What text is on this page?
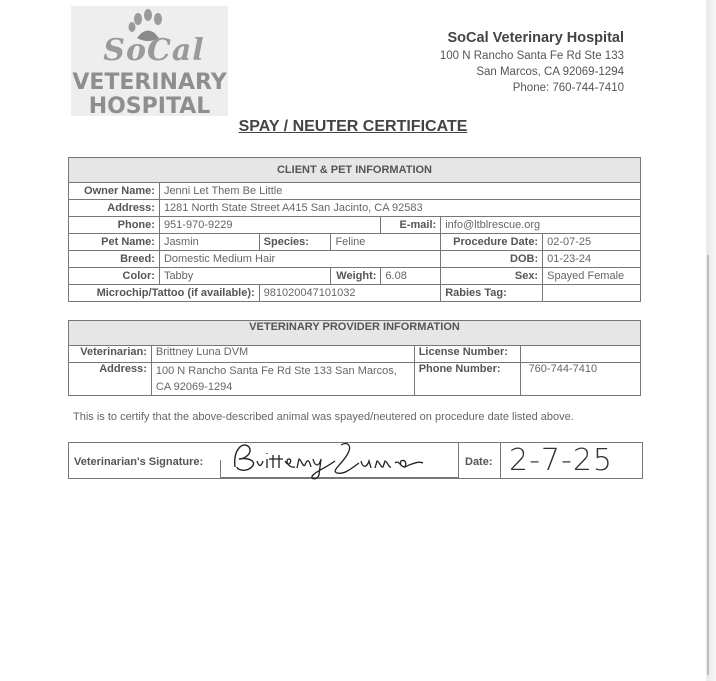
SoCal
VETERINARY
HOSPITAL
SoCal Veterinary Hospital
100 N Rancho Santa Fe Rd Ste 133
San Marcos, CA 92069-1294
Phone: 760-744-7410
SPAY / NEUTER CERTIFICATE
CLIENT & PET INFORMATION						
Owner Name:	Jenni Let Them Be Little					
Address:	1281 North State Street A415 San Jacinto, CA 92583					
Phone:	951-970-9229			E-mail:	info@ltblrescue.org	
Pet Name:	Jasmin	Species:	Feline		Procedure Date:	02-07-25
Breed:	Domestic Medium Hair				DOB:	01-23-24
Color:	Tabby		Weight:	6.08	Sex:	Spayed Female
Microchip/Tattoo (if available):		981020047101032			Rabies Tag:	
VETERINARY PROVIDER INFORMATION			
Veterinarian:	Brittney Luna DVM	License Number:	
Address:	100 N Rancho Santa Fe Rd Ste 133 San Marcos,
CA 92069-1294	Phone Number:	760-744-7410
This is to certify that the above-described animal was spayed/neutered on procedure date listed above.
Veterinarian's Signature:	Date: 2-7-25
